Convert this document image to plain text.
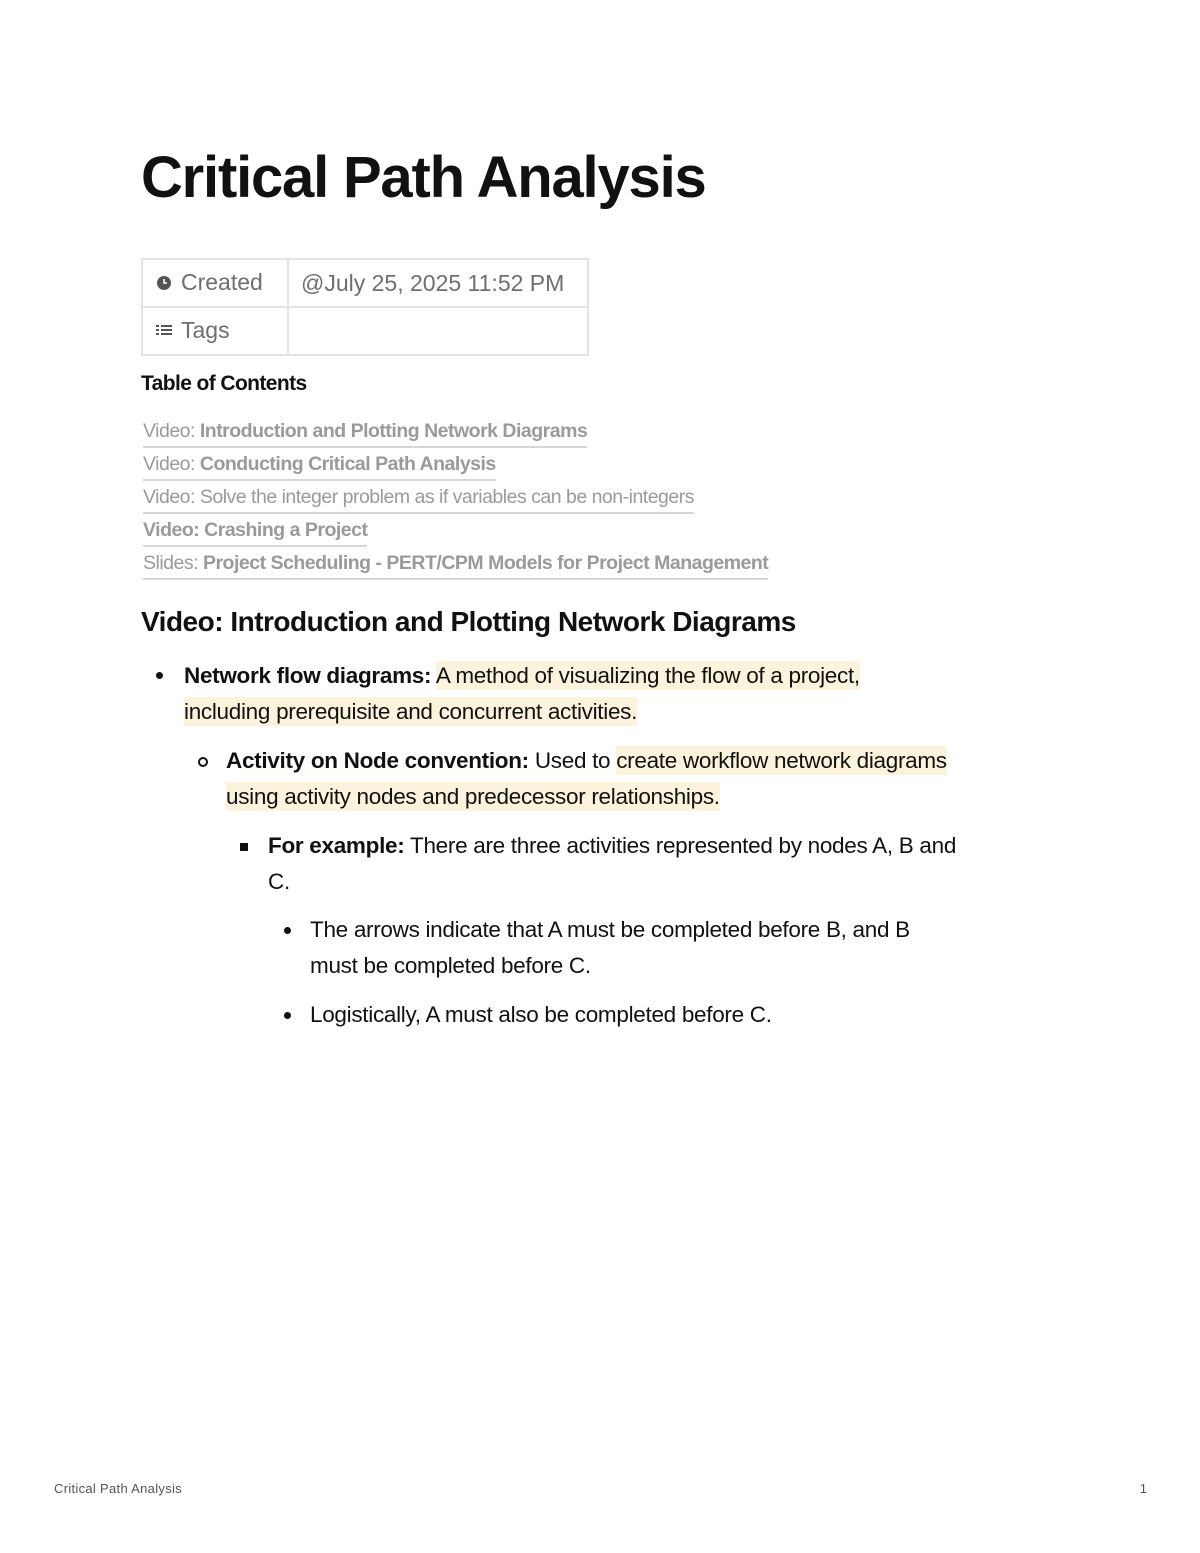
Critical Path Analysis
Created	@July 25, 2025 11:52 PM
Tags	
Table of Contents
Video: Introduction and Plotting Network Diagrams
Video: Conducting Critical Path Analysis
Video: Solve the integer problem as if variables can be non-integers
Video: Crashing a Project
Slides: Project Scheduling - PERT/CPM Models for Project Management
Video: Introduction and Plotting Network Diagrams
Network flow diagrams: A method of visualizing the flow of a project,
including prerequisite and concurrent activities.
Activity on Node convention: Used to create workflow network diagrams
using activity nodes and predecessor relationships.
For example: There are three activities represented by nodes A, B and
C.
The arrows indicate that A must be completed before B, and B
must be completed before C.
Logistically, A must also be completed before C.
Critical Path Analysis	1
